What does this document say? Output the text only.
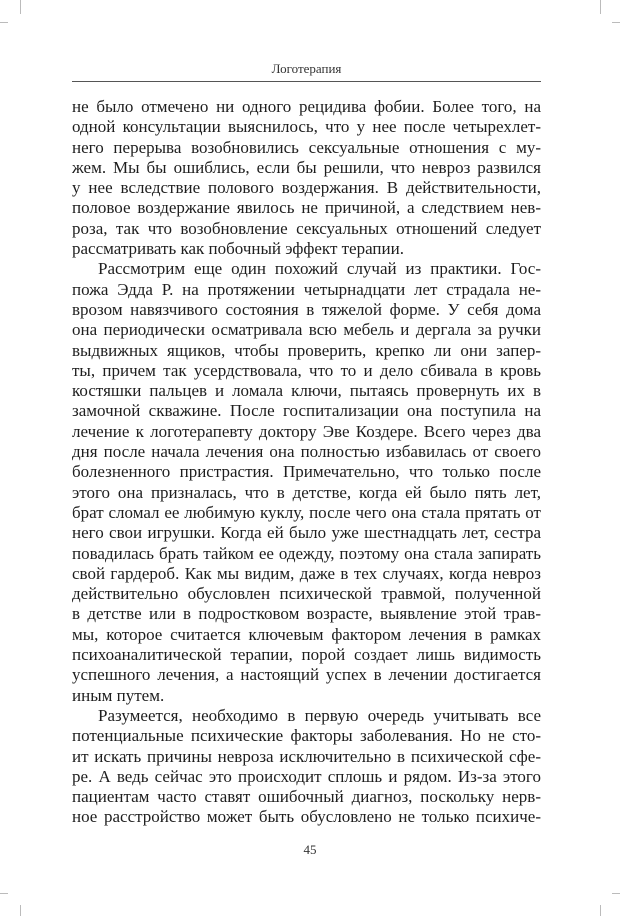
Логотерапия
не было отмечено ни одного рецидива фобии. Более того, на
одной консультации выяснилось, что у нее после четырехлет-
него перерыва возобновились сексуальные отношения с му-
жем. Мы бы ошиблись, если бы решили, что невроз развился
у нее вследствие полового воздержания. В действительности,
половое воздержание явилось не причиной, а следствием нев-
роза, так что возобновление сексуальных отношений следует
рассматривать как побочный эффект терапии.
Рассмотрим еще один похожий случай из практики. Гос-
пожа Эдда Р. на протяжении четырнадцати лет страдала не-
врозом навязчивого состояния в тяжелой форме. У себя дома
она периодически осматривала всю мебель и дергала за ручки
выдвижных ящиков, чтобы проверить, крепко ли они запер-
ты, причем так усердствовала, что то и дело сбивала в кровь
костяшки пальцев и ломала ключи, пытаясь провернуть их в
замочной скважине. После госпитализации она поступила на
лечение к логотерапевту доктору Эве Коздере. Всего через два
дня после начала лечения она полностью избавилась от своего
болезненного пристрастия. Примечательно, что только после
этого она призналась, что в детстве, когда ей было пять лет,
брат сломал ее любимую куклу, после чего она стала прятать от
него свои игрушки. Когда ей было уже шестнадцать лет, сестра
повадилась брать тайком ее одежду, поэтому она стала запирать
свой гардероб. Как мы видим, даже в тех случаях, когда невроз
действительно обусловлен психической травмой, полученной
в детстве или в подростковом возрасте, выявление этой трав-
мы, которое считается ключевым фактором лечения в рамках
психоаналитической терапии, порой создает лишь видимость
успешного лечения, а настоящий успех в лечении достигается
иным путем.
Разумеется, необходимо в первую очередь учитывать все
потенциальные психические факторы заболевания. Но не сто-
ит искать причины невроза исключительно в психической сфе-
ре. А ведь сейчас это происходит сплошь и рядом. Из-за этого
пациентам часто ставят ошибочный диагноз, поскольку нерв-
ное расстройство может быть обусловлено не только психиче-
45
